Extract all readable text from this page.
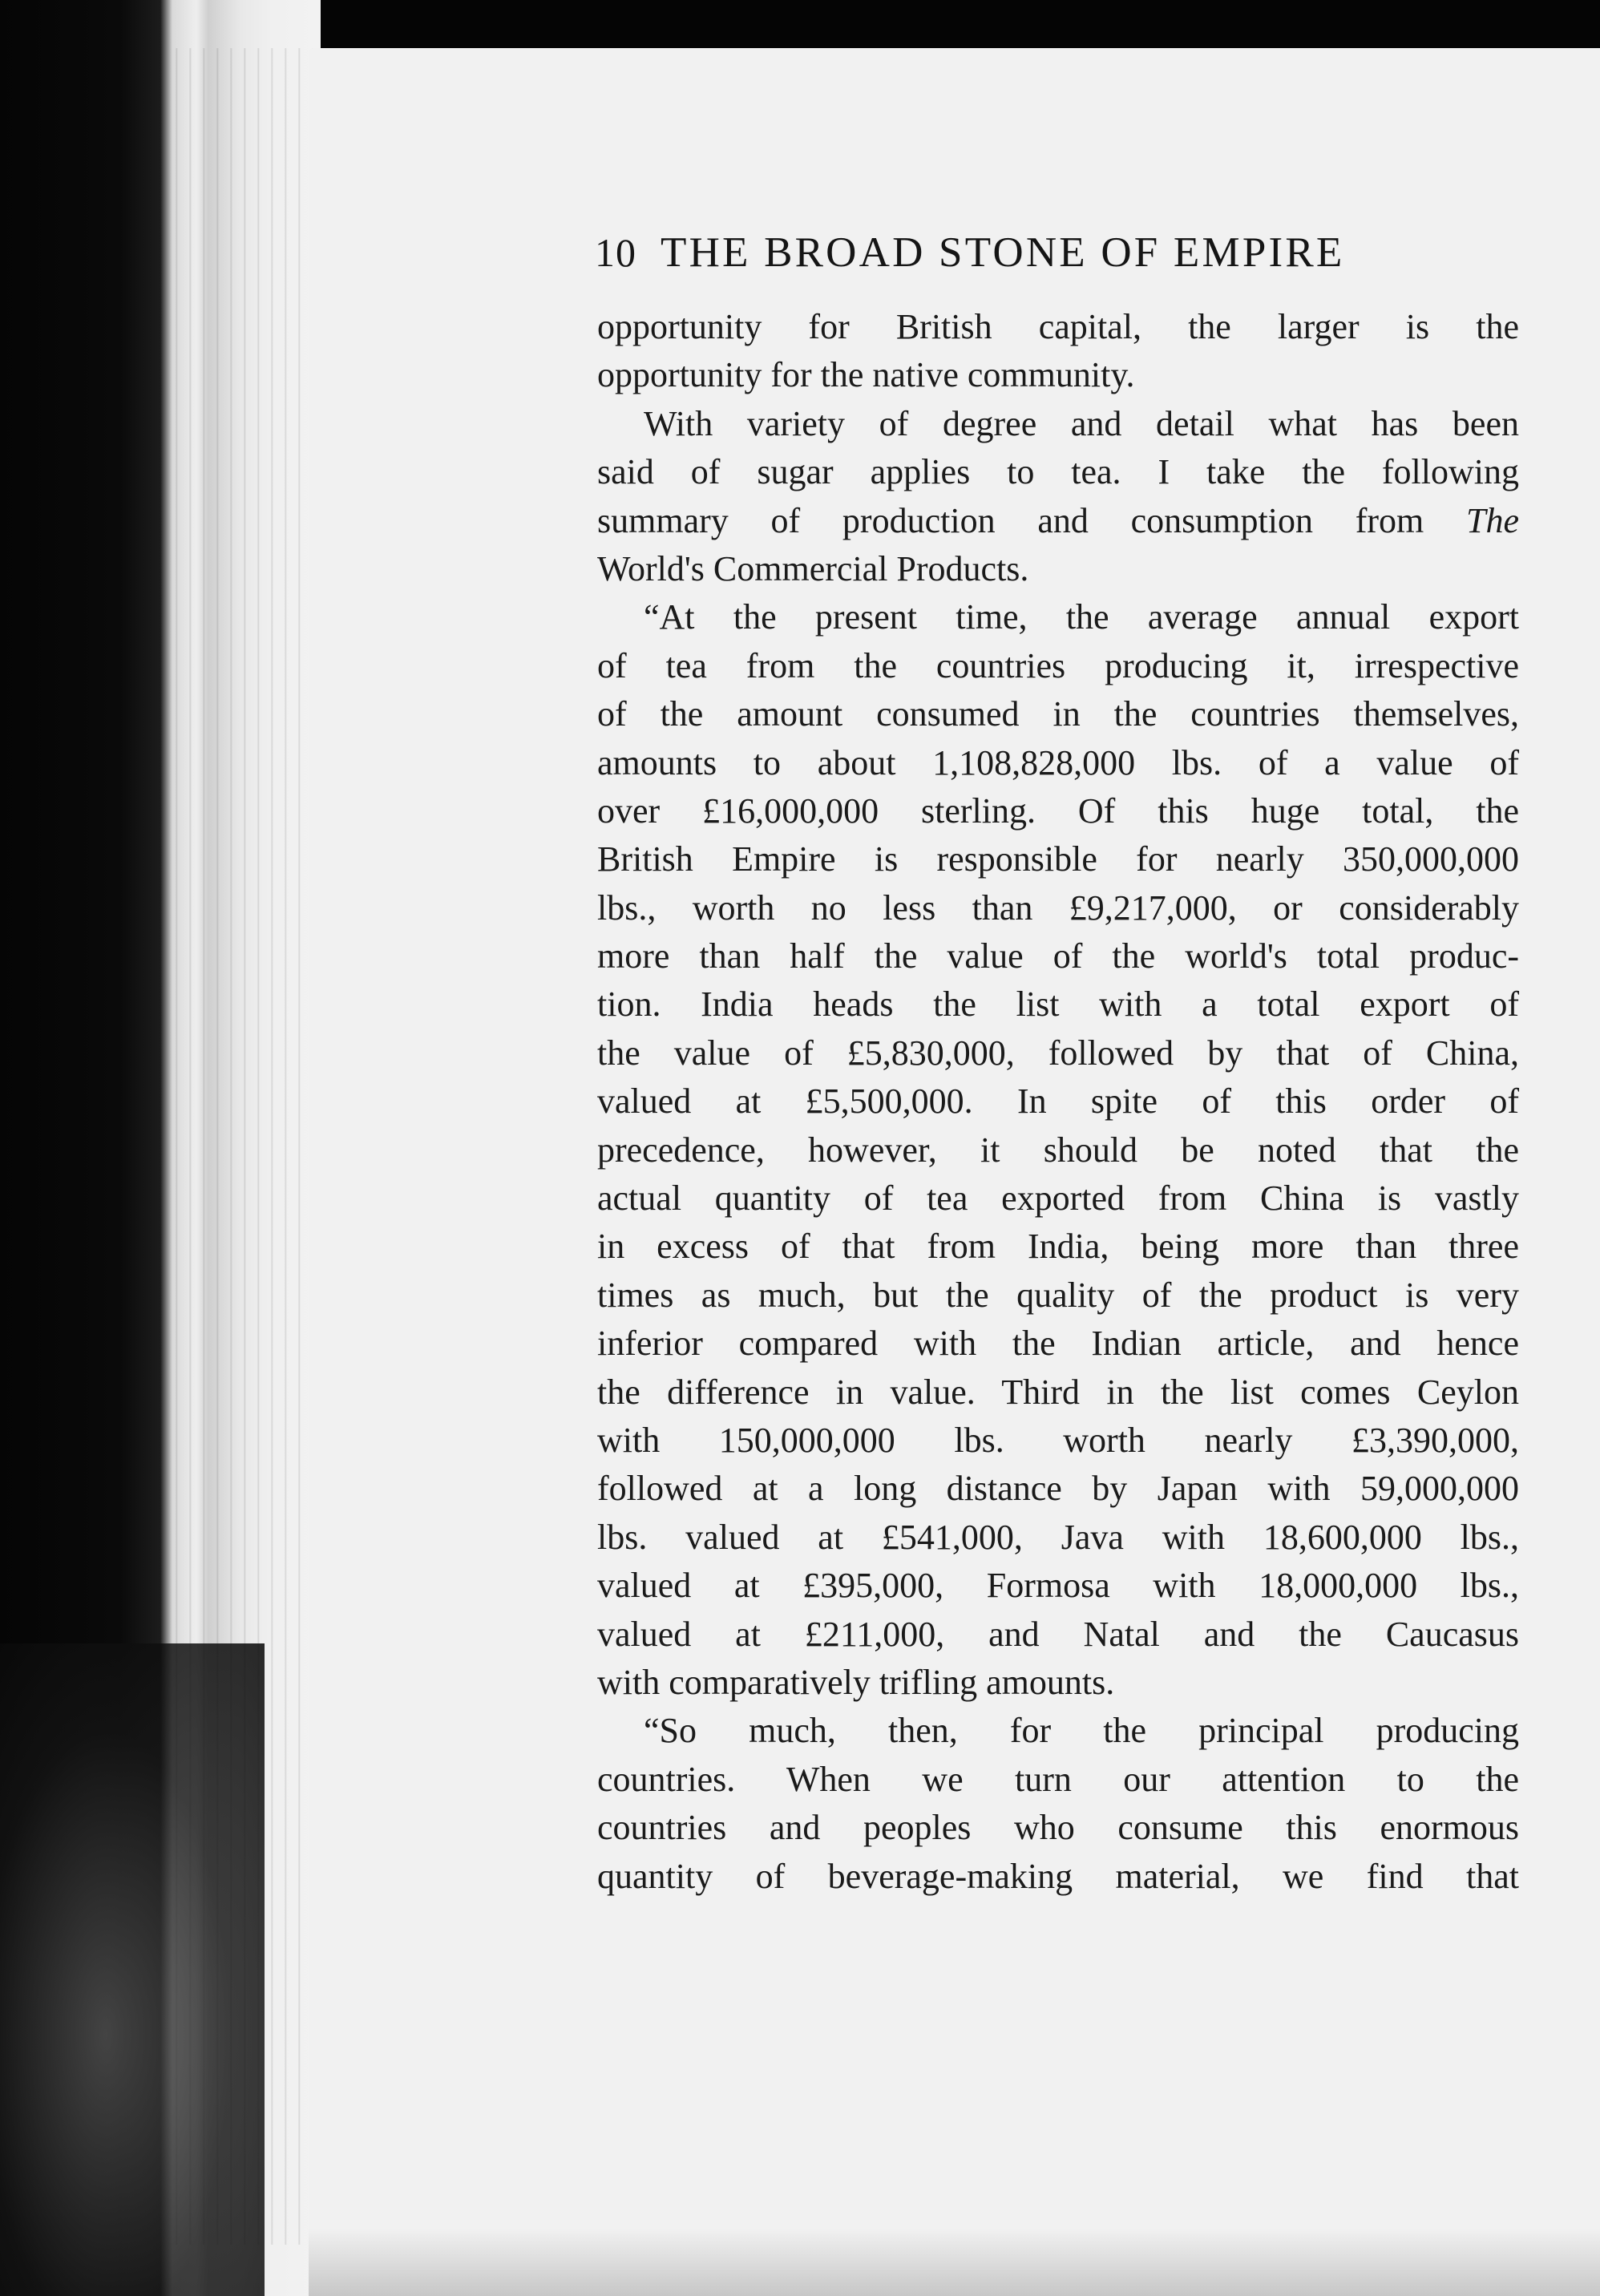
10 THE BROAD STONE OF EMPIRE
opportunity for British capital, the larger is the
opportunity for the native community.
With variety of degree and detail what has been
said of sugar applies to tea. I take the following
summary of production and consumption from The
World's Commercial Products.
“At the present time, the average annual export
of tea from the countries producing it, irrespective
of the amount consumed in the countries themselves,
amounts to about 1,108,828,000 lbs. of a value of
over £16,000,000 sterling. Of this huge total, the
British Empire is responsible for nearly 350,000,000
lbs., worth no less than £9,217,000, or considerably
more than half the value of the world's total produc-
tion. India heads the list with a total export of
the value of £5,830,000, followed by that of China,
valued at £5,500,000. In spite of this order of
precedence, however, it should be noted that the
actual quantity of tea exported from China is vastly
in excess of that from India, being more than three
times as much, but the quality of the product is very
inferior compared with the Indian article, and hence
the difference in value. Third in the list comes Ceylon
with 150,000,000 lbs. worth nearly £3,390,000,
followed at a long distance by Japan with 59,000,000
lbs. valued at £541,000, Java with 18,600,000 lbs.,
valued at £395,000, Formosa with 18,000,000 lbs.,
valued at £211,000, and Natal and the Caucasus
with comparatively trifling amounts.
“So much, then, for the principal producing
countries. When we turn our attention to the
countries and peoples who consume this enormous
quantity of beverage-making material, we find that
